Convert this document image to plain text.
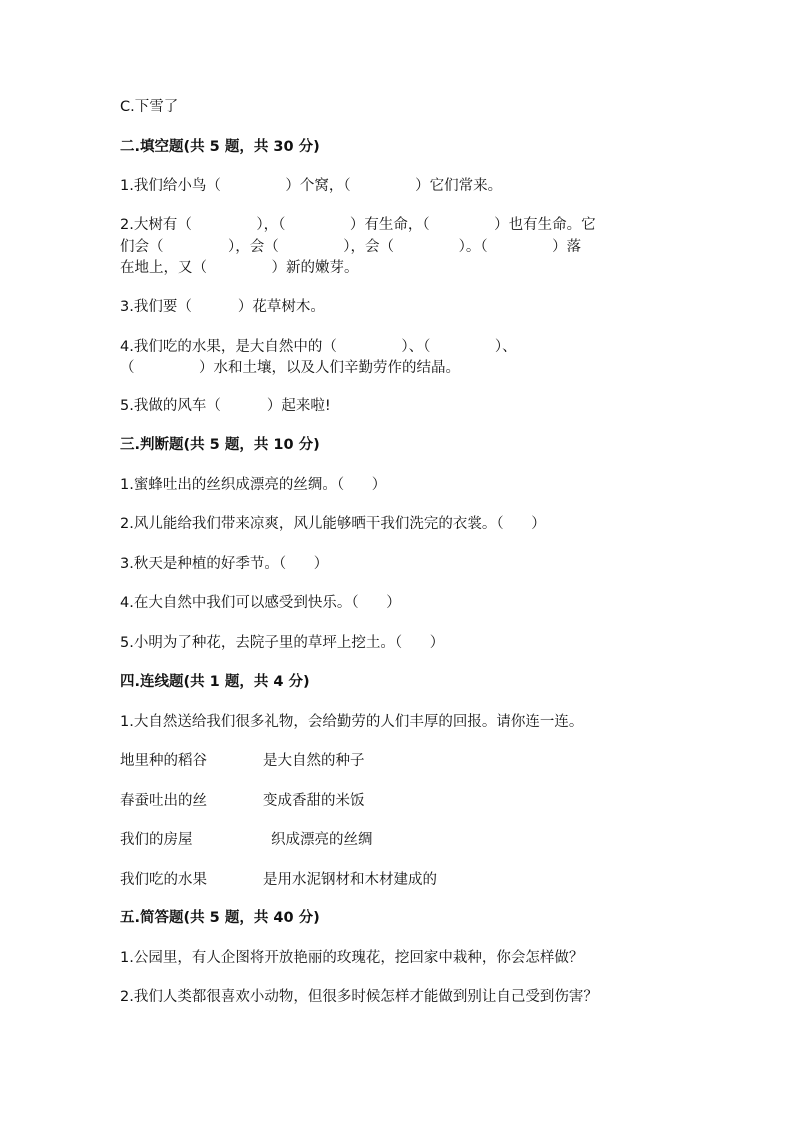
C.下雪了
二.填空题(共 5 题，共 30 分)
1.我们给小鸟（              ）个窝，（              ）它们常来。
2.大树有（              ），（              ）有生命，（              ）也有生命。它
们会（              ），会（              ），会（              ）。（              ）落
在地上，又（              ）新的嫩芽。
3.我们要（          ）花草树木。
4.我们吃的水果，是大自然中的（              ）、（              ）、
（              ）水和土壤，以及人们辛勤劳作的结晶。
5.我做的风车（          ）起来啦!
三.判断题(共 5 题，共 10 分)
1.蜜蜂吐出的丝织成漂亮的丝绸。（      ）
2.风儿能给我们带来凉爽，风儿能够晒干我们洗完的衣裳。（      ）
3.秋天是种植的好季节。（      ）
4.在大自然中我们可以感受到快乐。（      ）
5.小明为了种花，去院子里的草坪上挖土。（      ）
四.连线题(共 1 题，共 4 分)
1.大自然送给我们很多礼物，会给勤劳的人们丰厚的回报。请你连一连。
地里种的稻谷	是大自然的种子
春蚕吐出的丝	变成香甜的米饭
我们的房屋	织成漂亮的丝绸
我们吃的水果	是用水泥钢材和木材建成的
五.简答题(共 5 题，共 40 分)
1.公园里，有人企图将开放艳丽的玫瑰花，挖回家中栽种，你会怎样做？
2.我们人类都很喜欢小动物，但很多时候怎样才能做到别让自己受到伤害？
